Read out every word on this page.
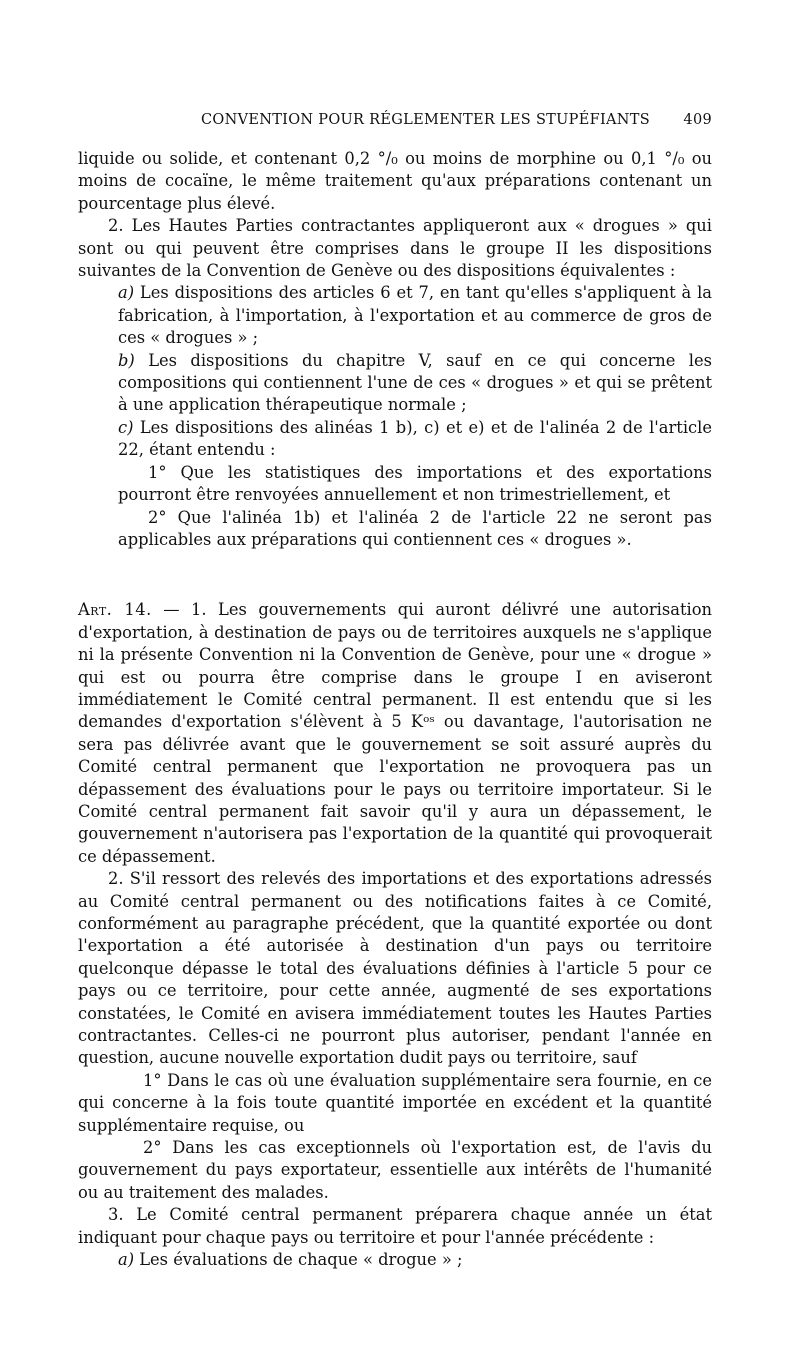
CONVENTION POUR RÉGLEMENTER LES STUPÉFIANTS 409

liquide ou solide, et contenant 0,2 °/₀ ou moins de morphine ou 0,1 °/₀ ou moins de cocaïne, le même traitement qu'aux préparations contenant un pourcentage plus élevé.

2. Les Hautes Parties contractantes appliqueront aux « drogues » qui sont ou qui peuvent être comprises dans le groupe II les dispositions suivantes de la Convention de Genève ou des dispositions équivalentes :

a) Les dispositions des articles 6 et 7, en tant qu'elles s'appliquent à la fabrication, à l'importation, à l'exportation et au commerce de gros de ces « drogues » ;

b) Les dispositions du chapitre V, sauf en ce qui concerne les compositions qui contiennent l'une de ces « drogues » et qui se prêtent à une application thérapeutique normale ;

c) Les dispositions des alinéas 1 b), c) et e) et de l'alinéa 2 de l'article 22, étant entendu :

1° Que les statistiques des importations et des exportations pourront être renvoyées annuellement et non trimestriellement, et

2° Que l'alinéa 1b) et l'alinéa 2 de l'article 22 ne seront pas applicables aux préparations qui contiennent ces « drogues ».

Art. 14. — 1. Les gouvernements qui auront délivré une autorisation d'exportation, à destination de pays ou de territoires auxquels ne s'applique ni la présente Convention ni la Convention de Genève, pour une « drogue » qui est ou pourra être comprise dans le groupe I en aviseront immédiatement le Comité central permanent. Il est entendu que si les demandes d'exportation s'élèvent à 5 Kᵒˢ ou davantage, l'autorisation ne sera pas délivrée avant que le gouvernement se soit assuré auprès du Comité central permanent que l'exportation ne provoquera pas un dépassement des évaluations pour le pays ou territoire importateur. Si le Comité central permanent fait savoir qu'il y aura un dépassement, le gouvernement n'autorisera pas l'exportation de la quantité qui provoquerait ce dépassement.

2. S'il ressort des relevés des importations et des exportations adressés au Comité central permanent ou des notifications faites à ce Comité, conformément au paragraphe précédent, que la quantité exportée ou dont l'exportation a été autorisée à destination d'un pays ou territoire quelconque dépasse le total des évaluations définies à l'article 5 pour ce pays ou ce territoire, pour cette année, augmenté de ses exportations constatées, le Comité en avisera immédiatement toutes les Hautes Parties contractantes. Celles-ci ne pourront plus autoriser, pendant l'année en question, aucune nouvelle exportation dudit pays ou territoire, sauf

1° Dans le cas où une évaluation supplémentaire sera fournie, en ce qui concerne à la fois toute quantité importée en excédent et la quantité supplémentaire requise, ou

2° Dans les cas exceptionnels où l'exportation est, de l'avis du gouvernement du pays exportateur, essentielle aux intérêts de l'humanité ou au traitement des malades.

3. Le Comité central permanent préparera chaque année un état indiquant pour chaque pays ou territoire et pour l'année précédente :

a) Les évaluations de chaque « drogue » ;
